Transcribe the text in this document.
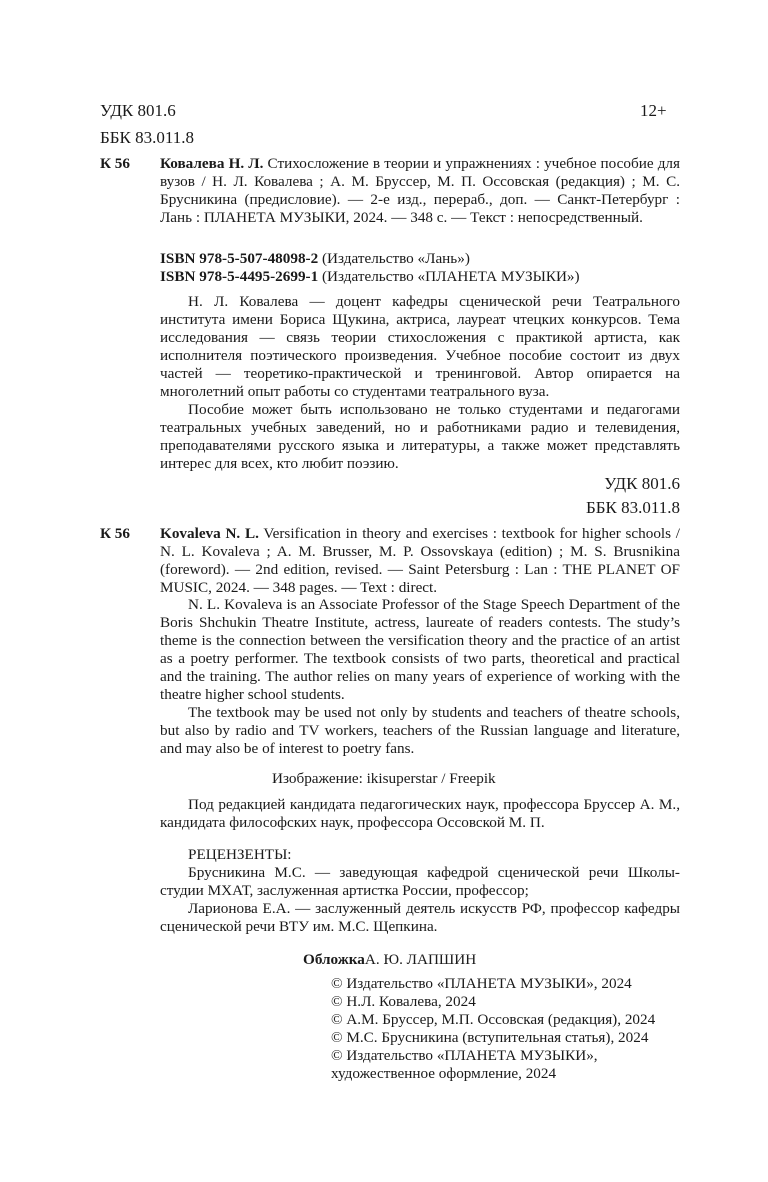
УДК 801.6
ББК 83.011.8
12+
К 56 Ковалева Н. Л. Стихосложение в теории и упражнениях : учебное пособие для вузов / Н. Л. Ковалева ; А. М. Бруссер, М. П. Оссовская (редакция) ; М. С. Брусникина (предисловие). — 2-е изд., перераб., доп. — Санкт-Петербург : Лань : ПЛАНЕТА МУЗЫКИ, 2024. — 348 с. — Текст : непосредственный.
ISBN 978-5-507-48098-2 (Издательство «Лань»)
ISBN 978-5-4495-2699-1 (Издательство «ПЛАНЕТА МУЗЫКИ»)

Н. Л. Ковалева — доцент кафедры сценической речи Театрального института имени Бориса Щукина, актриса, лауреат чтецких конкурсов. Тема исследования — связь теории стихосложения с практикой артиста, как исполнителя поэтического произведения. Учебное пособие состоит из двух частей — теоретико-практической и тренинговой. Автор опирается на многолетний опыт работы со студентами театрального вуза.

Пособие может быть использовано не только студентами и педагогами театральных учебных заведений, но и работниками радио и телевидения, преподавателями русского языка и литературы, а также может представлять интерес для всех, кто любит поэзию.

УДК 801.6
ББК 83.011.8
К 56 Kovaleva N. L. Versification in theory and exercises : textbook for higher schools / N. L. Kovaleva ; A. M. Brusser, M. P. Ossovskaya (edition) ; M. S. Brusnikina (foreword). — 2nd edition, revised. — Saint Petersburg : Lan : THE PLANET OF MUSIC, 2024. — 348 pages. — Text : direct.

N. L. Kovaleva is an Associate Professor of the Stage Speech Department of the Boris Shchukin Theatre Institute, actress, laureate of readers contests. The study’s theme is the connection between the versification theory and the practice of an artist as a poetry performer. The textbook consists of two parts, theoretical and practical and the training. The author relies on many years of experience of working with the theatre higher school students.

The textbook may be used not only by students and teachers of theatre schools, but also by radio and TV workers, teachers of the Russian language and literature, and may also be of interest to poetry fans.

Изображение: ikisuperstar / Freepik
Под редакцией кандидата педагогических наук, профессора Бруссер А. М., кандидата философских наук, профессора Оссовской М. П.
РЕЦЕНЗЕНТЫ:

Брусникина М.С. — заведующая кафедрой сценической речи Школы-студии МХАТ, заслуженная артистка России, профессор;

Ларионова Е.А. — заслуженный деятель искусств РФ, профессор кафедры сценической речи ВТУ им. М.С. Щепкина.

ОбложкаА. Ю. ЛАПШИН
© Издательство «ПЛАНЕТА МУЗЫКИ», 2024
© Н.Л. Ковалева, 2024
© А.М. Бруссер, М.П. Оссовская (редакция), 2024
© М.С. Брусникина (вступительная статья), 2024
© Издательство «ПЛАНЕТА МУЗЫКИ», художественное оформление, 2024
